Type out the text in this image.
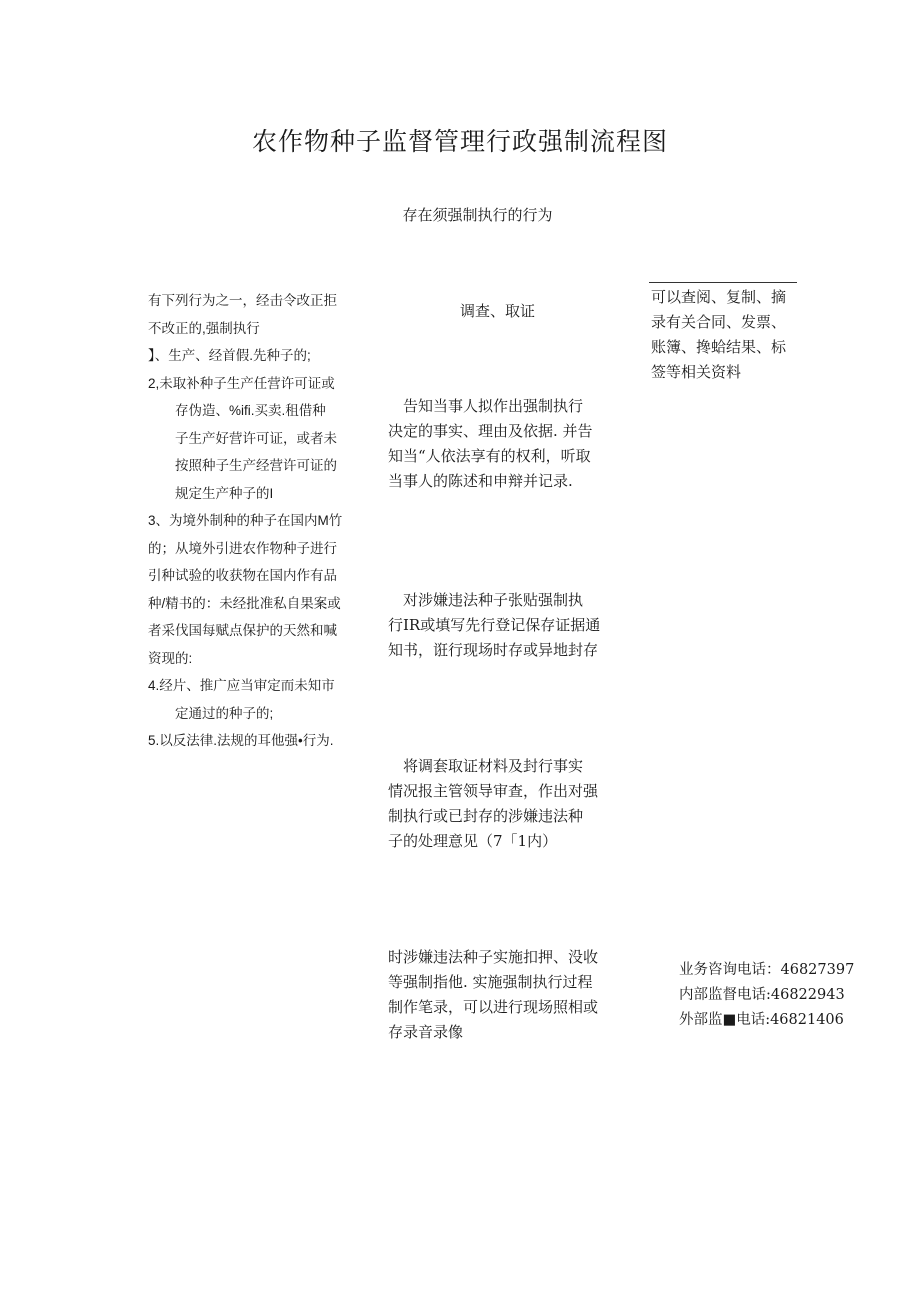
农作物种子监督管理行政强制流程图
存在须强制执行的行为
有下列行为之一，经击令改正拒
不改正的,强制执行
】、生产、经首假.先种子的;
2,未取补种子生产任营许可证或
存伪造、%ifi.买卖.租借种
子生产好营许可证，或者未
按照种子生产经营许可证的
规定生产种子的I
3、为境外制种的种子在国内M竹
的；从境外引进农作物种子进行
引种试验的收获物在国内作有品
种/精书的：未经批准私自果案或
者采伐国每赋点保护的天然和喊
资现的:
4.经片、推广应当审定而未知市
定通过的种子的;
5.以反法律.法规的耳他强•行为.
调查、取证
　告知当事人拟作出强制执行
决定的事实、理由及依据. 并告
知当“人依法享有的权利，听取
当事人的陈述和申辩并记录.
　对涉嫌违法种子张贴强制执
行IR或填写先行登记保存证据通
知书，诳行现场时存或异地封存
　将调套取证材料及封行事实
情况报主管领导审查，作出对强
制执行或已封存的涉嫌违法种
子的处理意见（7「1内）
时涉嫌违法种子实施扣押、没收
等强制指他. 实施强制执行过程
制作笔录，可以进行现场照相或
存录音录像
可以查阅、复制、摘
录有关合同、发票、
账簿、搀蛤结果、标
签等相关资料
业务咨询电话：46827397
内部监督电话:46822943
外部监■电话:46821406
